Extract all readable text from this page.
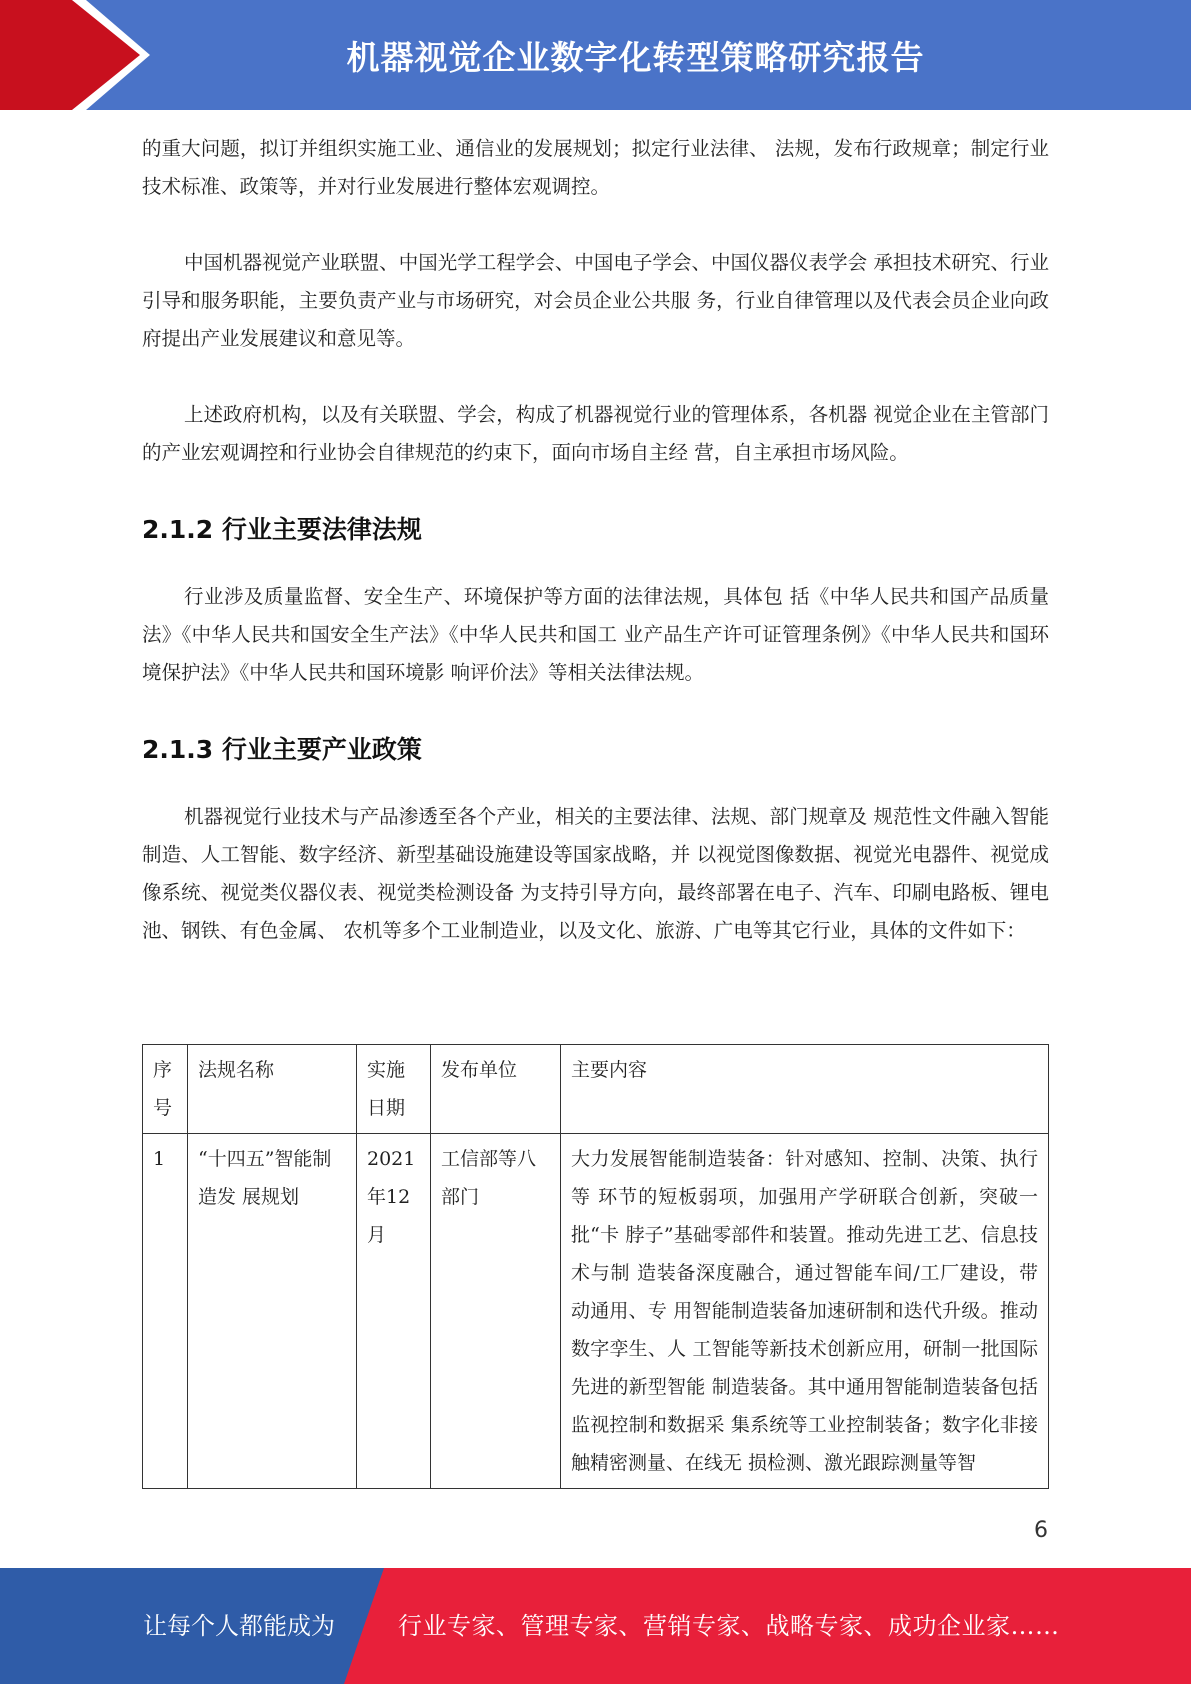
机器视觉企业数字化转型策略研究报告

的重大问题，拟订并组织实施工业、通信业的发展规划；拟定行业法律、 法规，发布行政规章；制定行业技术标准、政策等，并对行业发展进行整体宏观调控。

中国机器视觉产业联盟、中国光学工程学会、中国电子学会、中国仪器仪表学会 承担技术研究、行业引导和服务职能，主要负责产业与市场研究，对会员企业公共服 务，行业自律管理以及代表会员企业向政府提出产业发展建议和意见等。

上述政府机构，以及有关联盟、学会，构成了机器视觉行业的管理体系，各机器 视觉企业在主管部门的产业宏观调控和行业协会自律规范的约束下，面向市场自主经 营，自主承担市场风险。

2.1.2 行业主要法律法规

行业涉及质量监督、安全生产、环境保护等方面的法律法规，具体包 括《中华人民共和国产品质量法》《中华人民共和国安全生产法》《中华人民共和国工 业产品生产许可证管理条例》《中华人民共和国环境保护法》《中华人民共和国环境影 响评价法》等相关法律法规。

2.1.3 行业主要产业政策

机器视觉行业技术与产品渗透至各个产业，相关的主要法律、法规、部门规章及 规范性文件融入智能制造、人工智能、数字经济、新型基础设施建设等国家战略，并 以视觉图像数据、视觉光电器件、视觉成像系统、视觉类仪器仪表、视觉类检测设备 为支持引导方向，最终部署在电子、汽车、印刷电路板、锂电池、钢铁、有色金属、 农机等多个工业制造业，以及文化、旅游、广电等其它行业，具体的文件如下：

序号	法规名称	实施日期	发布单位	主要内容
1	“十四五”智能制造发 展规划	2021年12月	工信部等八部门	大力发展智能制造装备：针对感知、控制、决策、执行等 环节的短板弱项，加强用产学研联合创新，突破一批“卡 脖子”基础零部件和装置。推动先进工艺、信息技术与制 造装备深度融合，通过智能车间/工厂建设，带动通用、专 用智能制造装备加速研制和迭代升级。推动数字孪生、人 工智能等新技术创新应用，研制一批国际先进的新型智能 制造装备。其中通用智能制造装备包括监视控制和数据采 集系统等工业控制装备；数字化非接触精密测量、在线无 损检测、激光跟踪测量等智
6
让每个人都能成为	行业专家、管理专家、营销专家、战略专家、成功企业家……
